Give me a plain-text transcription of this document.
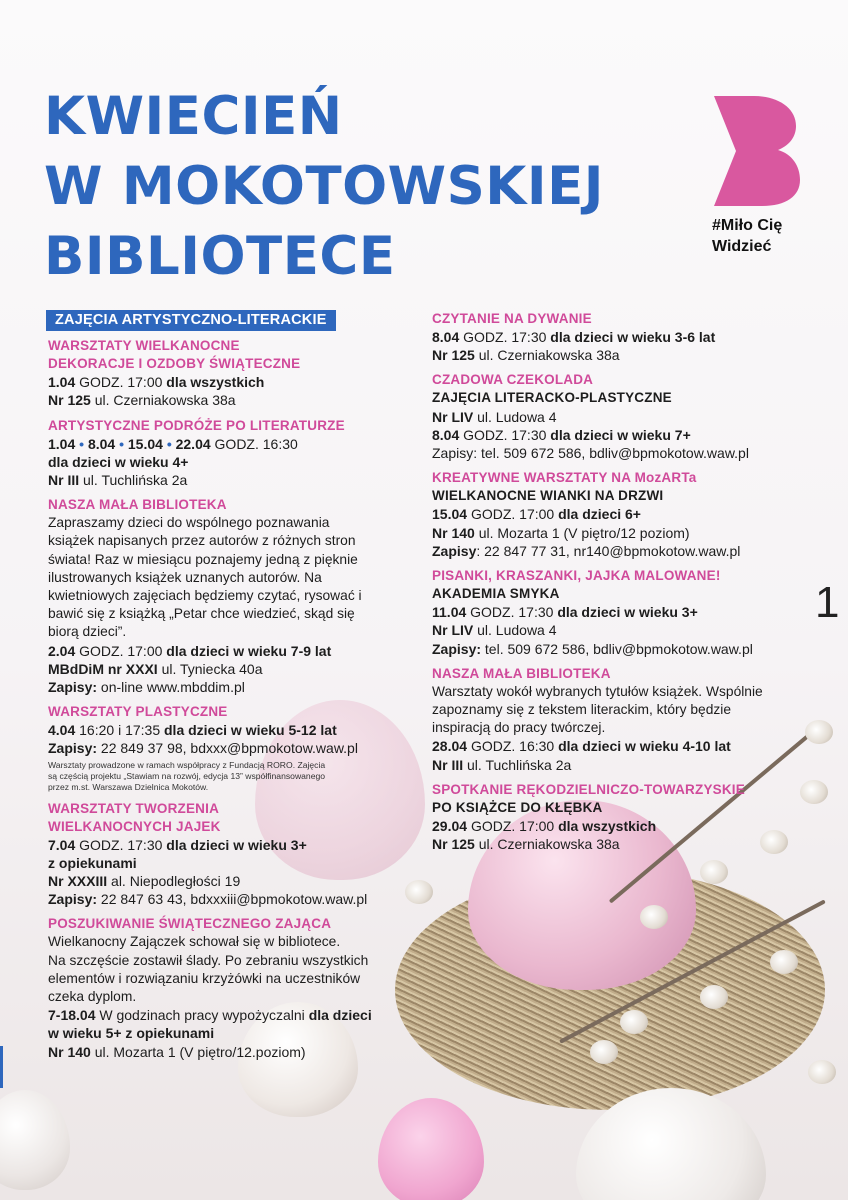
KWIECIEŃ
W MOKOTOWSKIEJ
BIBLIOTECE
#Miło Cię
Widzieć
1
ZAJĘCIA ARTYSTYCZNO-LITERACKIE
WARSZTATY WIELKANOCNE
DEKORACJE I OZDOBY ŚWIĄTECZNE
1.04 GODZ. 17:00 dla wszystkich
Nr 125 ul. Czerniakowska 38a
ARTYSTYCZNE PODRÓŻE PO LITERATURZE
1.04 • 8.04 • 15.04 • 22.04 GODZ. 16:30
dla dzieci w wieku 4+
Nr III ul. Tuchlińska 2a
NASZA MAŁA BIBLIOTEKA
Zapraszamy dzieci do wspólnego poznawania
książek napisanych przez autorów z różnych stron
świata! Raz w miesiącu poznajemy jedną z pięknie
ilustrowanych książek uznanych autorów. Na
kwietniowych zajęciach będziemy czytać, rysować i
bawić się z książką „Petar chce wiedzieć, skąd się
biorą dzieci”.
2.04 GODZ. 17:00 dla dzieci w wieku 7-9 lat
MBdDiM nr XXXI ul. Tyniecka 40a
Zapisy: on-line www.mbddim.pl
WARSZTATY PLASTYCZNE
4.04 16:20 i 17:35 dla dzieci w wieku 5-12 lat
Zapisy: 22 849 37 98, bdxxx@bpmokotow.waw.pl
Warsztaty prowadzone w ramach współpracy z Fundacją RORO. Zajęcia
są częścią projektu „Stawiam na rozwój, edycja 13” współfinansowanego
przez m.st. Warszawa Dzielnica Mokotów.
WARSZTATY TWORZENIA
WIELKANOCNYCH JAJEK
7.04 GODZ. 17:30 dla dzieci w wieku 3+
z opiekunami
Nr XXXIII al. Niepodległości 19
Zapisy: 22 847 63 43, bdxxxiii@bpmokotow.waw.pl
POSZUKIWANIE ŚWIĄTECZNEGO ZAJĄCA
Wielkanocny Zajączek schował się w bibliotece.
Na szczęście zostawił ślady. Po zebraniu wszystkich
elementów i rozwiązaniu krzyżówki na uczestników
czeka dyplom.
7-18.04 W godzinach pracy wypożyczalni dla dzieci
w wieku 5+ z opiekunami
Nr 140 ul. Mozarta 1 (V piętro/12.poziom)
CZYTANIE NA DYWANIE
8.04 GODZ. 17:30 dla dzieci w wieku 3-6 lat
Nr 125 ul. Czerniakowska 38a
CZADOWA CZEKOLADA
ZAJĘCIA LITERACKO-PLASTYCZNE
Nr LIV ul. Ludowa 4
8.04 GODZ. 17:30 dla dzieci w wieku 7+
Zapisy: tel. 509 672 586, bdliv@bpmokotow.waw.pl
KREATYWNE WARSZTATY NA MozARTa
WIELKANOCNE WIANKI NA DRZWI
15.04 GODZ. 17:00 dla dzieci 6+
Nr 140 ul. Mozarta 1 (V piętro/12 poziom)
Zapisy: 22 847 77 31, nr140@bpmokotow.waw.pl
PISANKI, KRASZANKI, JAJKA MALOWANE!
AKADEMIA SMYKA
11.04 GODZ. 17:30 dla dzieci w wieku 3+
Nr LIV ul. Ludowa 4
Zapisy: tel. 509 672 586, bdliv@bpmokotow.waw.pl
NASZA MAŁA BIBLIOTEKA
Warsztaty wokół wybranych tytułów książek. Wspólnie
zapoznamy się z tekstem literackim, który będzie
inspiracją do pracy twórczej.
28.04 GODZ. 16:30 dla dzieci w wieku 4-10 lat
Nr III ul. Tuchlińska 2a
SPOTKANIE RĘKODZIELNICZO-TOWARZYSKIE
PO KSIĄŻCE DO KŁĘBKA
29.04 GODZ. 17:00 dla wszystkich
Nr 125 ul. Czerniakowska 38a
